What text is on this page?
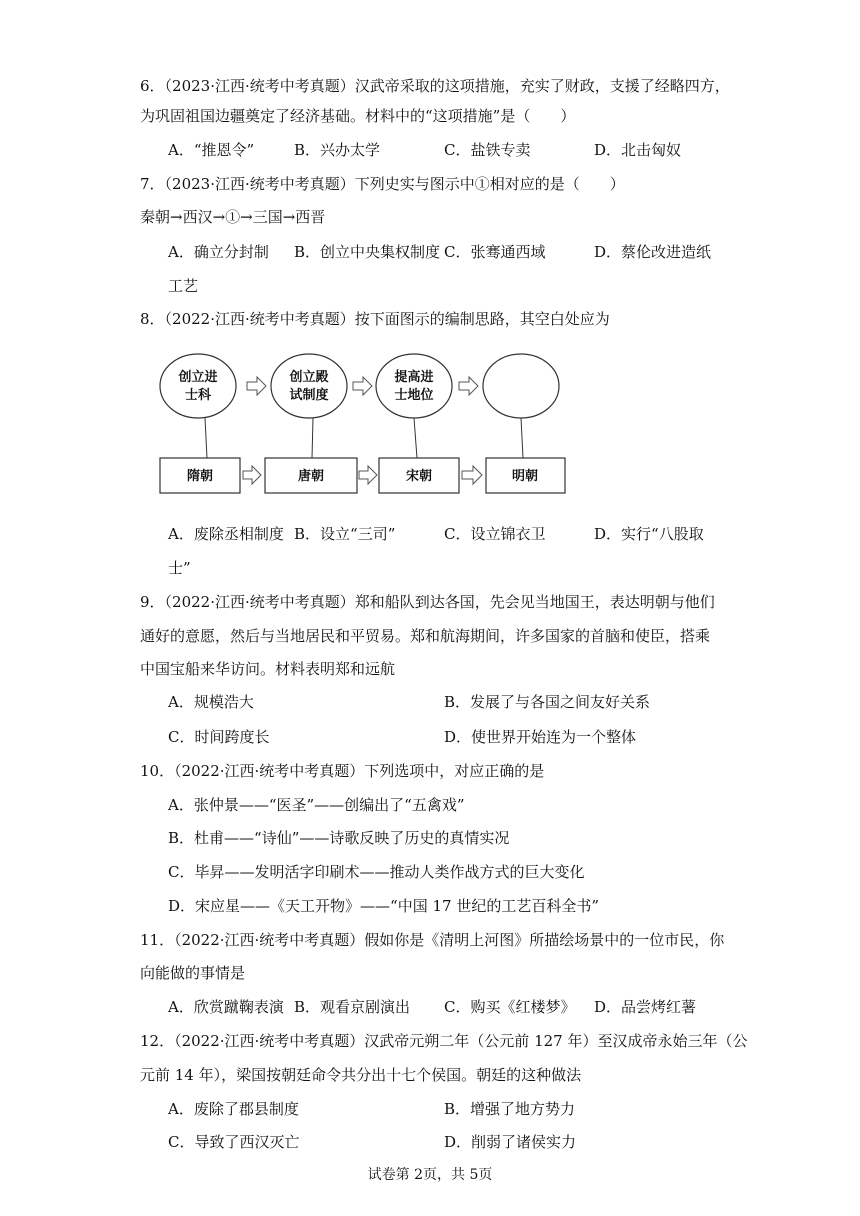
6．（2023·江西·统考中考真题）汉武帝采取的这项措施，充实了财政，支援了经略四方，
为巩固祖国边疆奠定了经济基础。材料中的“这项措施”是（　　）
A．“推恩令”	B．兴办太学	C．盐铁专卖	D．北击匈奴
7．（2023·江西·统考中考真题）下列史实与图示中①相对应的是（　　）
秦朝→西汉→①→三国→西晋
A．确立分封制 B．创立中央集权制度 C．张骞通西域	D．蔡伦改进造纸
工艺
8．（2022·江西·统考中考真题）按下面图示的编制思路，其空白处应为
创立进
士科
创立殿
试制度
提高进
士地位
隋朝	唐朝	宋朝	明朝
A．废除丞相制度 B．设立“三司”	C．设立锦衣卫	D．实行“八股取
士”
9．（2022·江西·统考中考真题）郑和船队到达各国，先会见当地国王，表达明朝与他们
通好的意愿，然后与当地居民和平贸易。郑和航海期间，许多国家的首脑和使臣，搭乘
中国宝船来华访问。材料表明郑和远航
A．规模浩大	B．发展了与各国之间友好关系
C．时间跨度长	D．使世界开始连为一个整体
10．（2022·江西·统考中考真题）下列选项中，对应正确的是
A．张仲景——“医圣”——创编出了“五禽戏”
B．杜甫——“诗仙”——诗歌反映了历史的真情实况
C．毕昇——发明活字印刷术——推动人类作战方式的巨大变化
D．宋应星——《天工开物》——“中国 17 世纪的工艺百科全书”
11．（2022·江西·统考中考真题）假如你是《清明上河图》所描绘场景中的一位市民，你
向能做的事情是
A．欣赏蹴鞠表演 B．观看京剧演出 C．购买《红楼梦》 D．品尝烤红薯
12．（2022·江西·统考中考真题）汉武帝元朔二年（公元前 127 年）至汉成帝永始三年（公
元前 14 年），梁国按朝廷命令共分出十七个侯国。朝廷的这种做法
A．废除了郡县制度	B．增强了地方势力
C．导致了西汉灭亡	D．削弱了诸侯实力
试卷第 2页，共 5页
